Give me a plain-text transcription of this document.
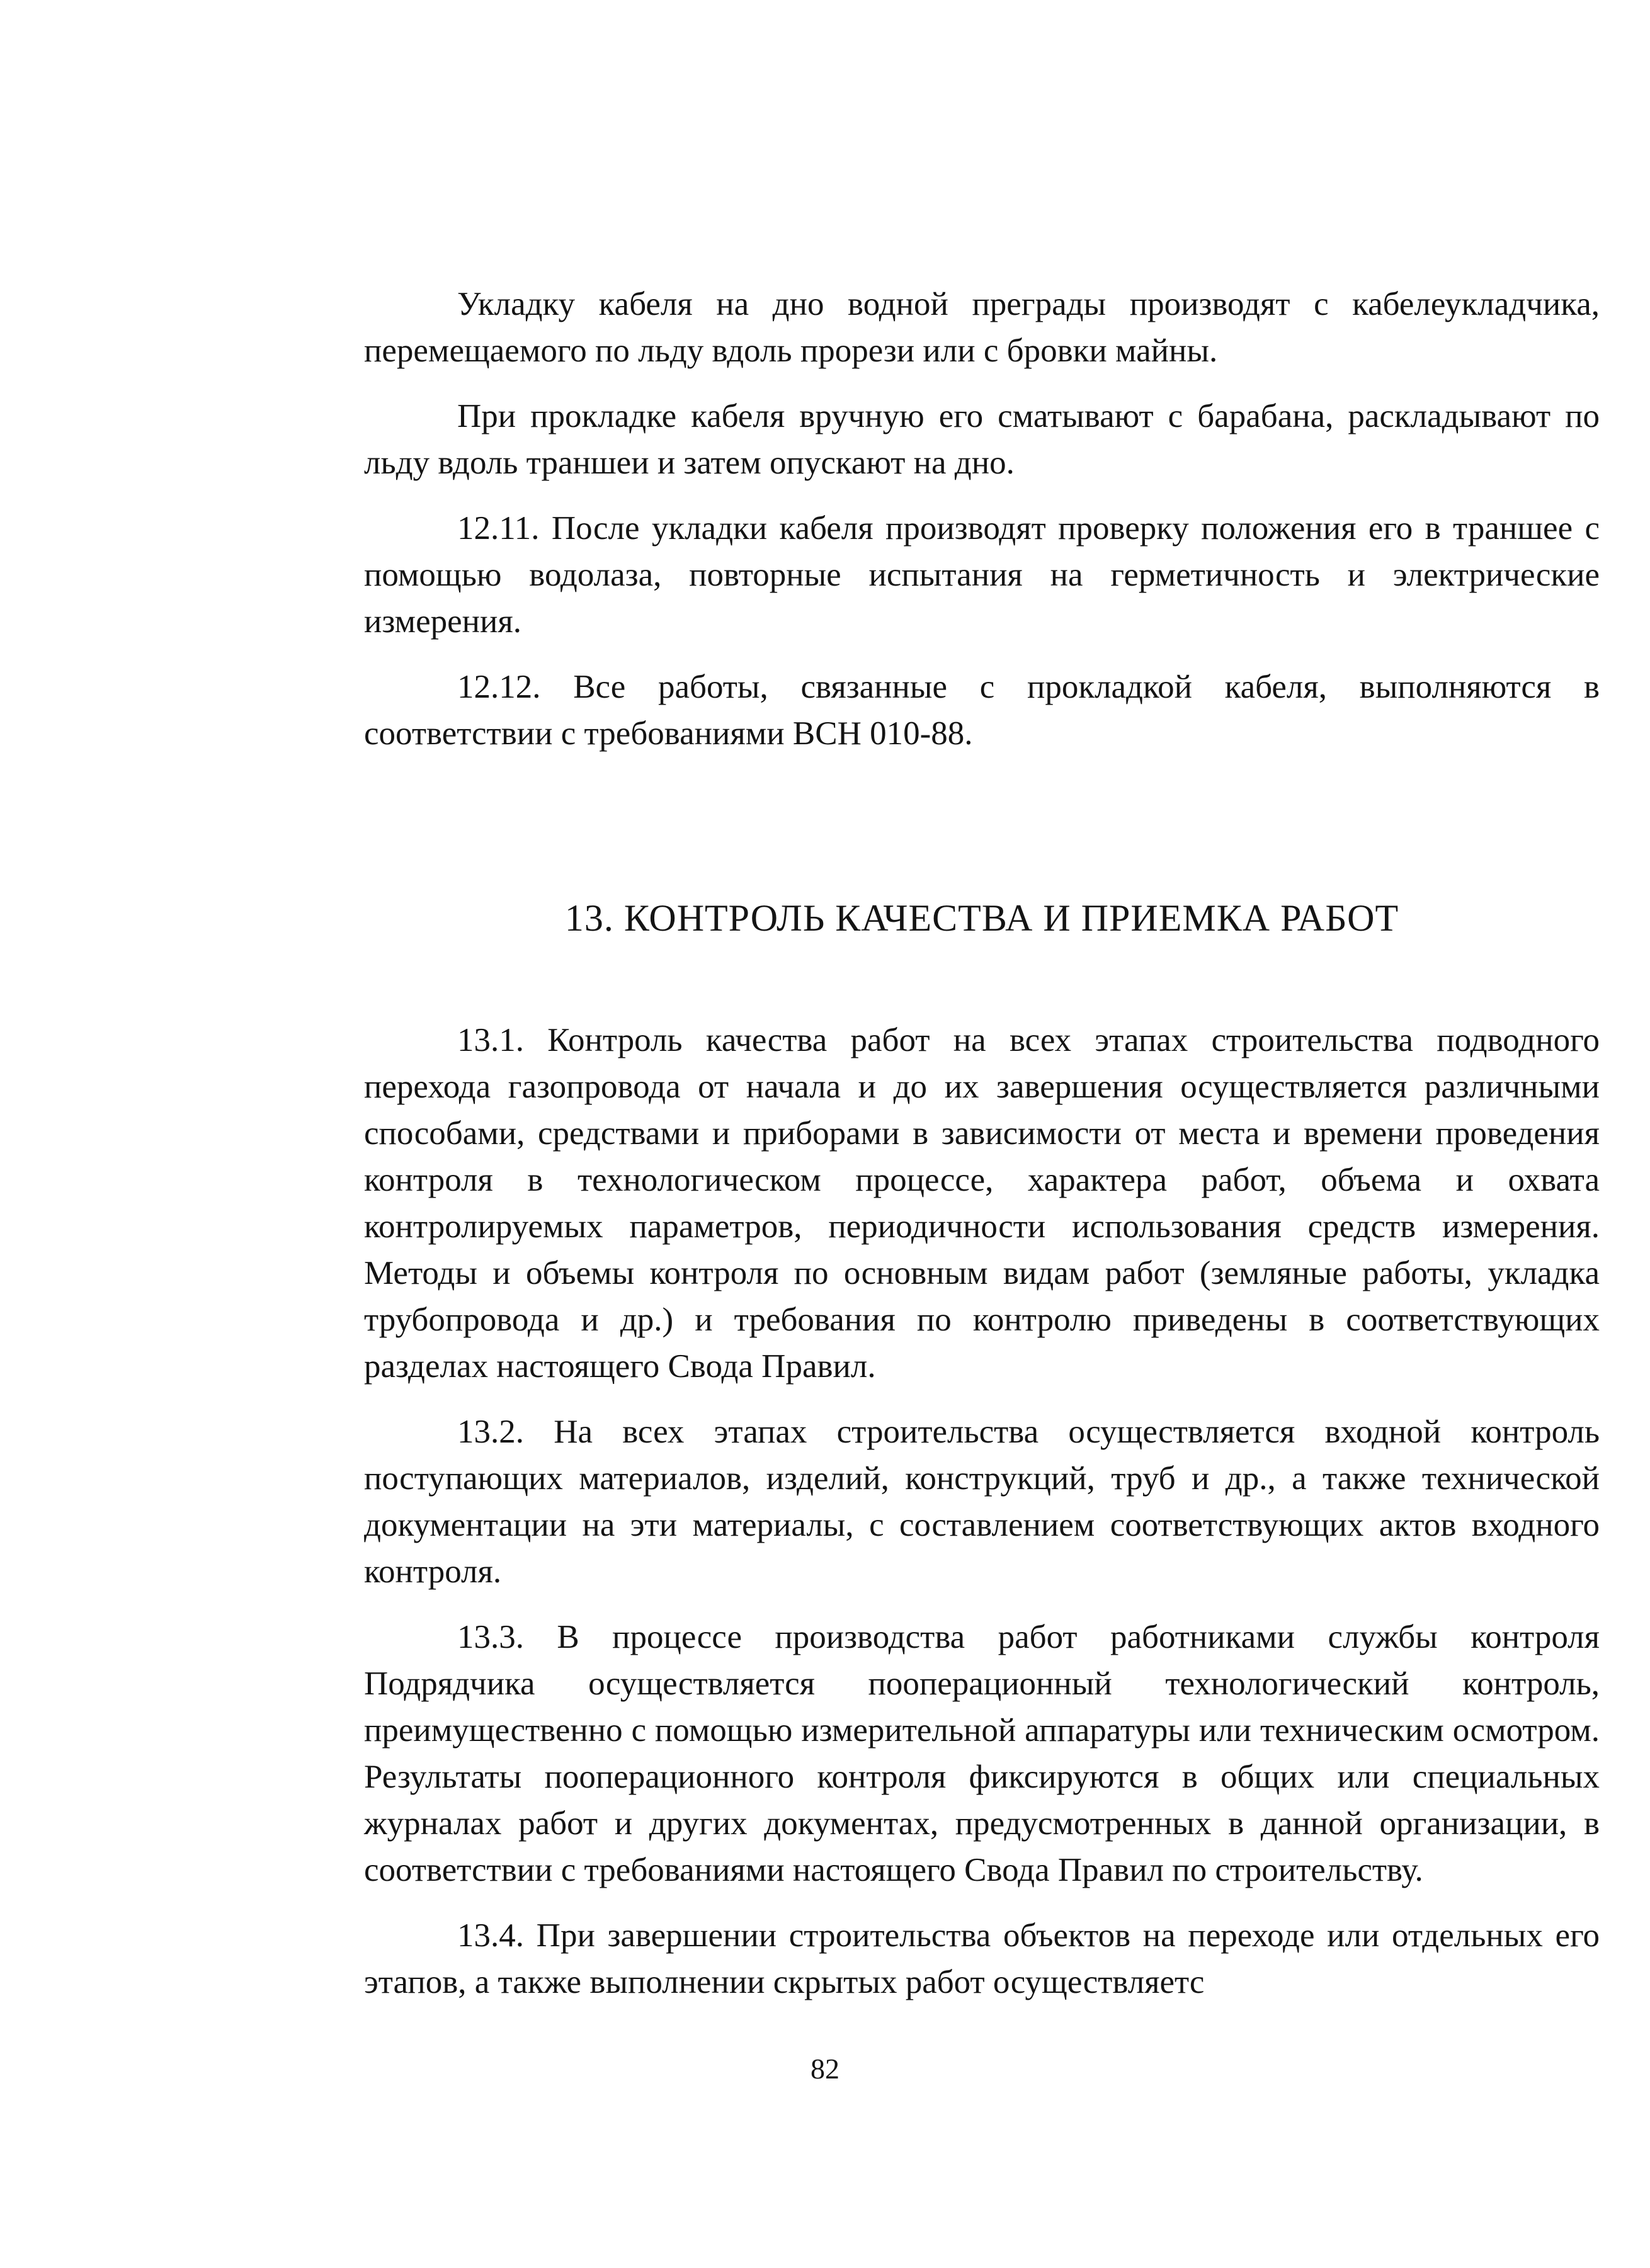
Укладку кабеля на дно водной преграды производят с кабелеукладчика, перемещаемого по льду вдоль прорези или с бровки майны.

При прокладке кабеля вручную его сматывают с барабана, раскладывают по льду вдоль траншеи и затем опускают на дно.

12.11. После укладки кабеля производят проверку положения его в траншее с помощью водолаза, повторные испытания на герметичность и электрические измерения.

12.12. Все работы, связанные с прокладкой кабеля, выполняются в соответствии с требованиями ВСН 010-88.

13. КОНТРОЛЬ КАЧЕСТВА И ПРИЕМКА РАБОТ

13.1. Контроль качества работ на всех этапах строительства подводного перехода газопровода от начала и до их завершения осуществляется различными способами, средствами и приборами в зависимости от места и времени проведения контроля в технологическом процессе, характера работ, объема и охвата контролируемых параметров, периодичности использования средств измерения. Методы и объемы контроля по основным видам работ (земляные работы, укладка трубопровода и др.) и требования по контролю приведены в соответствующих разделах настоящего Свода Правил.

13.2. На всех этапах строительства осуществляется входной контроль поступающих материалов, изделий, конструкций, труб и др., а также технической документации на эти материалы, с составлением соответствующих актов входного контроля.

13.3. В процессе производства работ работниками службы контроля Подрядчика осуществляется пооперационный технологический контроль, преимущественно с помощью измерительной аппаратуры или техническим осмотром. Результаты пооперационного контроля фиксируются в общих или специальных журналах работ и других документах, предусмотренных в данной организации, в соответствии с требованиями настоящего Свода Правил по строительству.

13.4. При завершении строительства объектов на переходе или отдельных его этапов, а также выполнении скрытых работ осуществляетс

82
